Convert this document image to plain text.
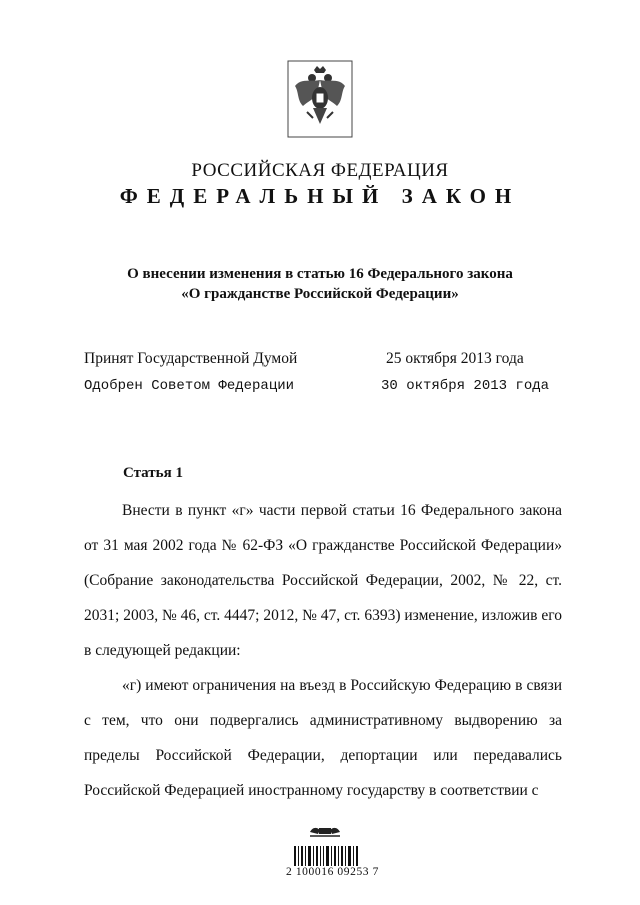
РОССИЙСКАЯ ФЕДЕРАЦИЯ
ФЕДЕРАЛЬНЫЙ ЗАКОН
О внесении изменения в статью 16 Федерального закона
«О гражданстве Российской Федерации»
Принят Государственной Думой	25 октября 2013 года
Одобрен Советом Федерации	30 октября 2013 года
Статья 1

Внести в пункт «г» части первой статьи 16 Федерального закона от 31 мая 2002 года № 62-ФЗ «О гражданстве Российской Федерации» (Собрание законодательства Российской Федерации, 2002, № 22, ст. 2031; 2003, № 46, ст. 4447; 2012, № 47, ст. 6393) изменение, изложив его в следующей редакции:

«г) имеют ограничения на въезд в Российскую Федерацию в связи с тем, что они подвергались административному выдворению за пределы Российской Федерации, депортации или передавались Российской Федерацией иностранному государству в соответствии с

2 100016 09253 7
